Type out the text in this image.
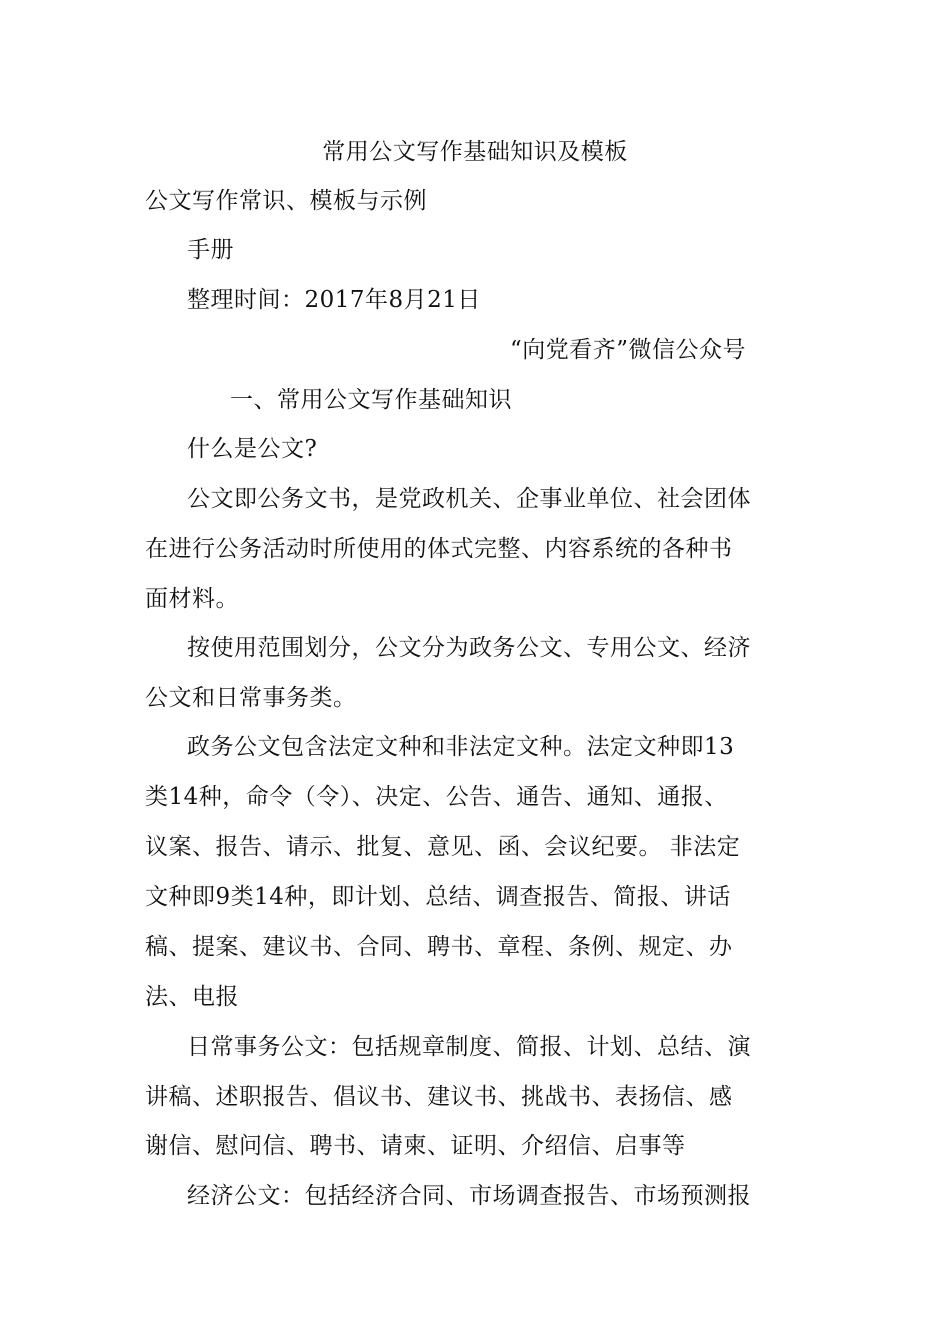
常用公文写作基础知识及模板

公文写作常识、模板与示例

手册

整理时间：2017年8月21日

“向党看齐”微信公众号

一、常用公文写作基础知识

什么是公文?

公文即公务文书，是党政机关、企事业单位、社会团体

在进行公务活动时所使用的体式完整、内容系统的各种书

面材料。

按使用范围划分，公文分为政务公文、专用公文、经济

公文和日常事务类。

政务公文包含法定文种和非法定文种。法定文种即13

类14种，命令（令）、决定、公告、通告、通知、通报、

议案、报告、请示、批复、意见、函、会议纪要。 非法定

文种即9类14种，即计划、总结、调查报告、简报、讲话

稿、提案、建议书、合同、聘书、章程、条例、规定、办

法、电报

日常事务公文：包括规章制度、简报、计划、总结、演

讲稿、述职报告、倡议书、建议书、挑战书、表扬信、感

谢信、慰问信、聘书、请柬、证明、介绍信、启事等

经济公文：包括经济合同、市场调查报告、市场预测报
